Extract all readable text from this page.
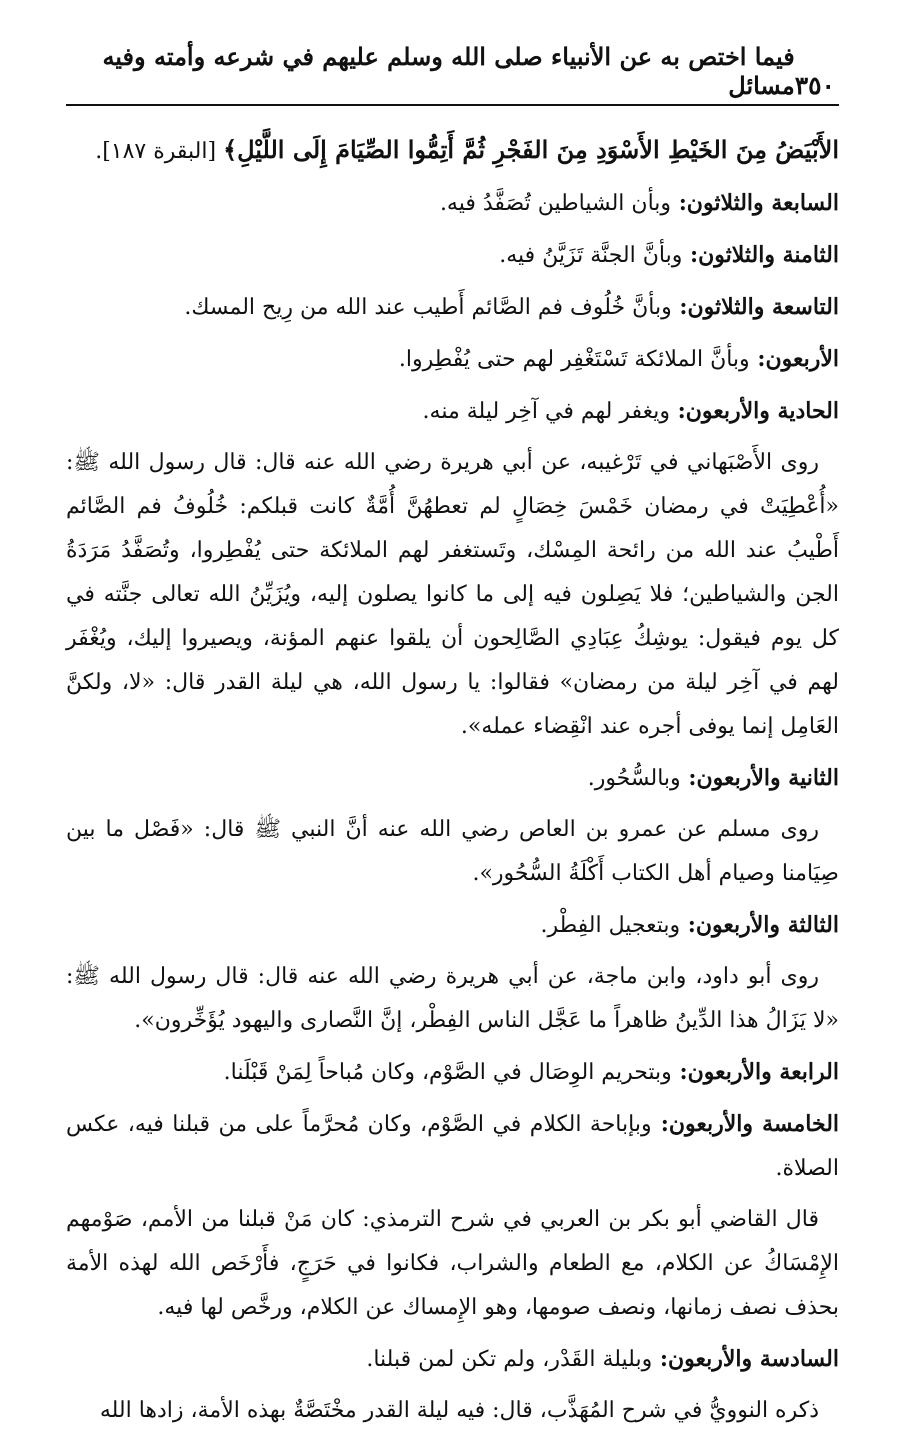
٣٥٠
فيما اختص به عن الأنبياء صلى الله وسلم عليهم في شرعه وأمته وفيه مسائل

الأَبْيَضُ مِنَ الخَيْطِ الأَسْوَدِ مِنَ الفَجْرِ ثُمَّ أَتِمُّوا الصِّيَامَ إِلَى اللَّيْلِ﴾ [البقرة ١٨٧].

السابعة والثلاثون: وبأن الشياطين تُصَفَّدُ فيه.

الثامنة والثلاثون: وبأنَّ الجنَّة تَزَيَّنُ فيه.

التاسعة والثلاثون: وبأنَّ خُلُوف فم الصَّائم أَطيب عند الله من رِيح المسك.

الأربعون: وبأنَّ الملائكة تَسْتَغْفِر لهم حتى يُفْطِروا.

الحادية والأربعون: ويغفر لهم في آخِر ليلة منه.

روى الأَصْبَهاني في تَرْغيبه، عن أبي هريرة رضي الله عنه قال: قال رسول الله ﷺ: «أُعْطِيَتْ في رمضان خَمْسَ خِصَالٍ لم تعطهُنَّ أُمَّةٌ كانت قبلكم: خُلُوفُ فم الصَّائم أَطْيبُ عند الله من رائحة المِسْك، وتَستغفر لهم الملائكة حتى يُفْطِروا، وتُصَفَّدُ مَرَدَةُ الجن والشياطين؛ فلا يَصِلون فيه إلى ما كانوا يصلون إليه، ويُزَيِّنُ الله تعالى جنَّته في كل يوم فيقول: يوشِكُ عِبَادِي الصَّالِحون أن يلقوا عنهم المؤنة، ويصيروا إليك، ويُغْفَر لهم في آخِر ليلة من رمضان» فقالوا: يا رسول الله، هي ليلة القدر قال: «لا، ولكنَّ العَامِل إنما يوفى أجره عند انْقِضاء عمله».

الثانية والأربعون: وبالسُّحُور.

روى مسلم عن عمرو بن العاص رضي الله عنه أنَّ النبي ﷺ قال: «فَصْل ما بين صِيَامنا وصيام أهل الكتاب أَكْلَةُ السُّحُور».

الثالثة والأربعون: وبتعجيل الفِطْر.

روى أبو داود، وابن ماجة، عن أبي هريرة رضي الله عنه قال: قال رسول الله ﷺ: «لا يَزَالُ هذا الدِّينُ ظاهراً ما عَجَّل الناس الفِطْر، إنَّ النَّصارى واليهود يُؤَخِّرون».

الرابعة والأربعون: وبتحريم الوِصَال في الصَّوْم، وكان مُباحاً لِمَنْ قَبْلَنا.

الخامسة والأربعون: وبإباحة الكلام في الصَّوْم، وكان مُحرَّماً على من قبلنا فيه، عكس الصلاة.

قال القاضي أبو بكر بن العربي في شرح الترمذي: كان مَنْ قبلنا من الأمم، صَوْمهم الإِمْسَاكُ عن الكلام، مع الطعام والشراب، فكانوا في حَرَجٍ، فأَرْخَص الله لهذه الأمة بحذف نصف زمانها، ونصف صومها، وهو الإِمساك عن الكلام، ورخَّص لها فيه.

السادسة والأربعون: وبليلة القَدْر، ولم تكن لمن قبلنا.

ذكره النوويُّ في شرح المُهَذَّب، قال: فيه ليلة القدر مخْتَصَّةٌ بهذه الأمة، زادها الله
